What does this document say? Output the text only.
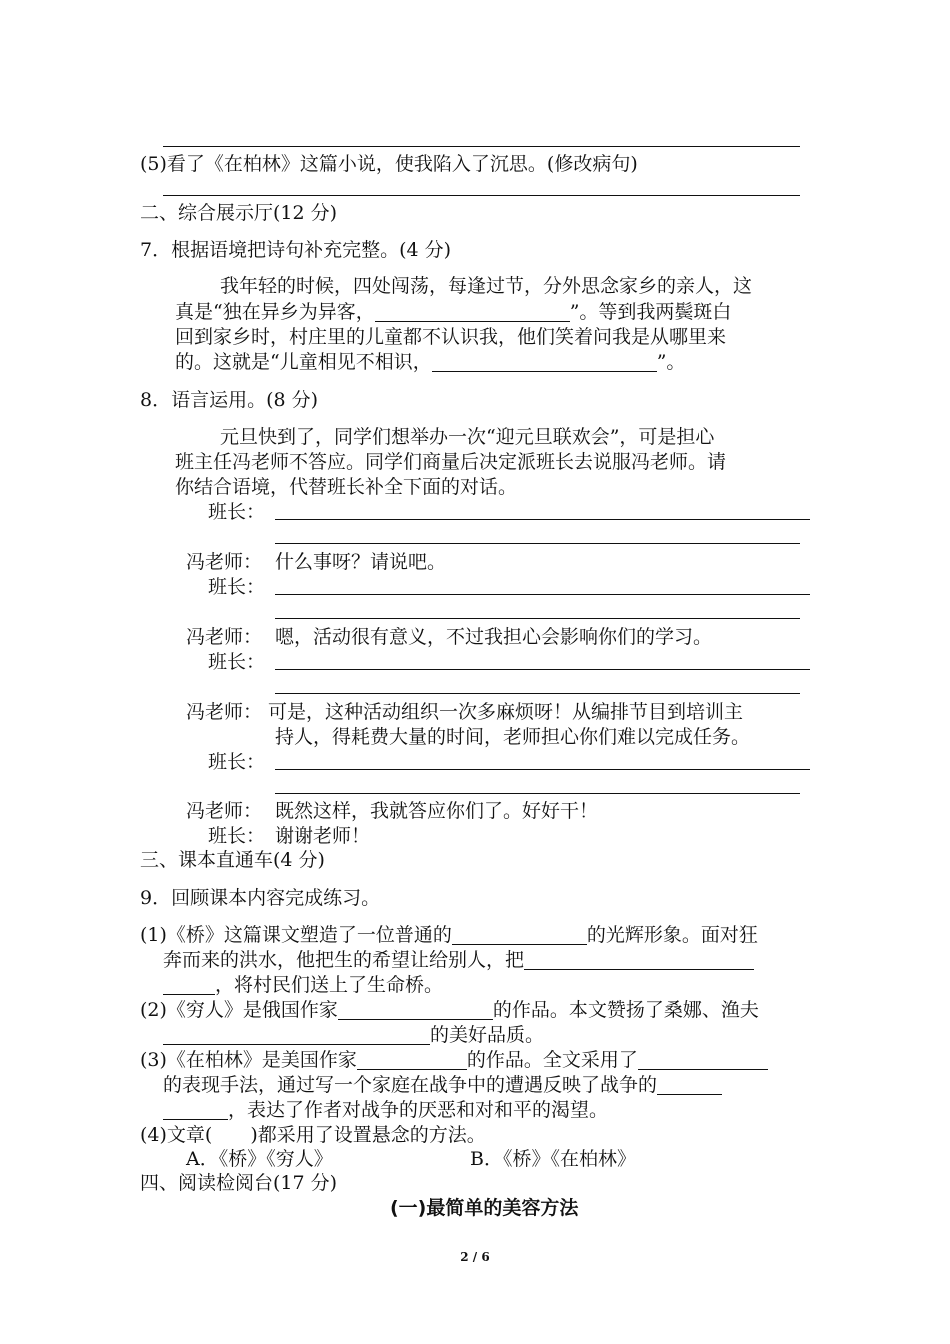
(5)看了《在柏林》这篇小说，使我陷入了沉思。(修改病句)
二、综合展示厅(12 分)
7．根据语境把诗句补充完整。(4 分)
我年轻的时候，四处闯荡，每逢过节，分外思念家乡的亲人，这
真是“独在异乡为异客，	”。等到我两鬓斑白
回到家乡时，村庄里的儿童都不认识我，他们笑着问我是从哪里来
的。这就是“儿童相见不相识，	”。
8．语言运用。(8 分)
元旦快到了，同学们想举办一次“迎元旦联欢会”，可是担心
班主任冯老师不答应。同学们商量后决定派班长去说服冯老师。请
你结合语境，代替班长补全下面的对话。
班长：
冯老师： 什么事呀？请说吧。
班长：
冯老师： 嗯，活动很有意义，不过我担心会影响你们的学习。
班长：
冯老师： 可是，这种活动组织一次多麻烦呀！从编排节目到培训主
持人，得耗费大量的时间，老师担心你们难以完成任务。
班长：
冯老师： 既然这样，我就答应你们了。好好干！
班长： 谢谢老师！
三、课本直通车(4 分)
9．回顾课本内容完成练习。
(1)《桥》这篇课文塑造了一位普通的	的光辉形象。面对狂
奔而来的洪水，他把生的希望让给别人，把
，将村民们送上了生命桥。
(2)《穷人》是俄国作家	的作品。本文赞扬了桑娜、渔夫
的美好品质。
(3)《在柏林》是美国作家	的作品。全文采用了
的表现手法，通过写一个家庭在战争中的遭遇反映了战争的
，表达了作者对战争的厌恶和对和平的渴望。
(4)文章( )都采用了设置悬念的方法。
A．《桥》《穷人》	B．《桥》《在柏林》
四、阅读检阅台(17 分)
(一)最简单的美容方法
2 / 6
